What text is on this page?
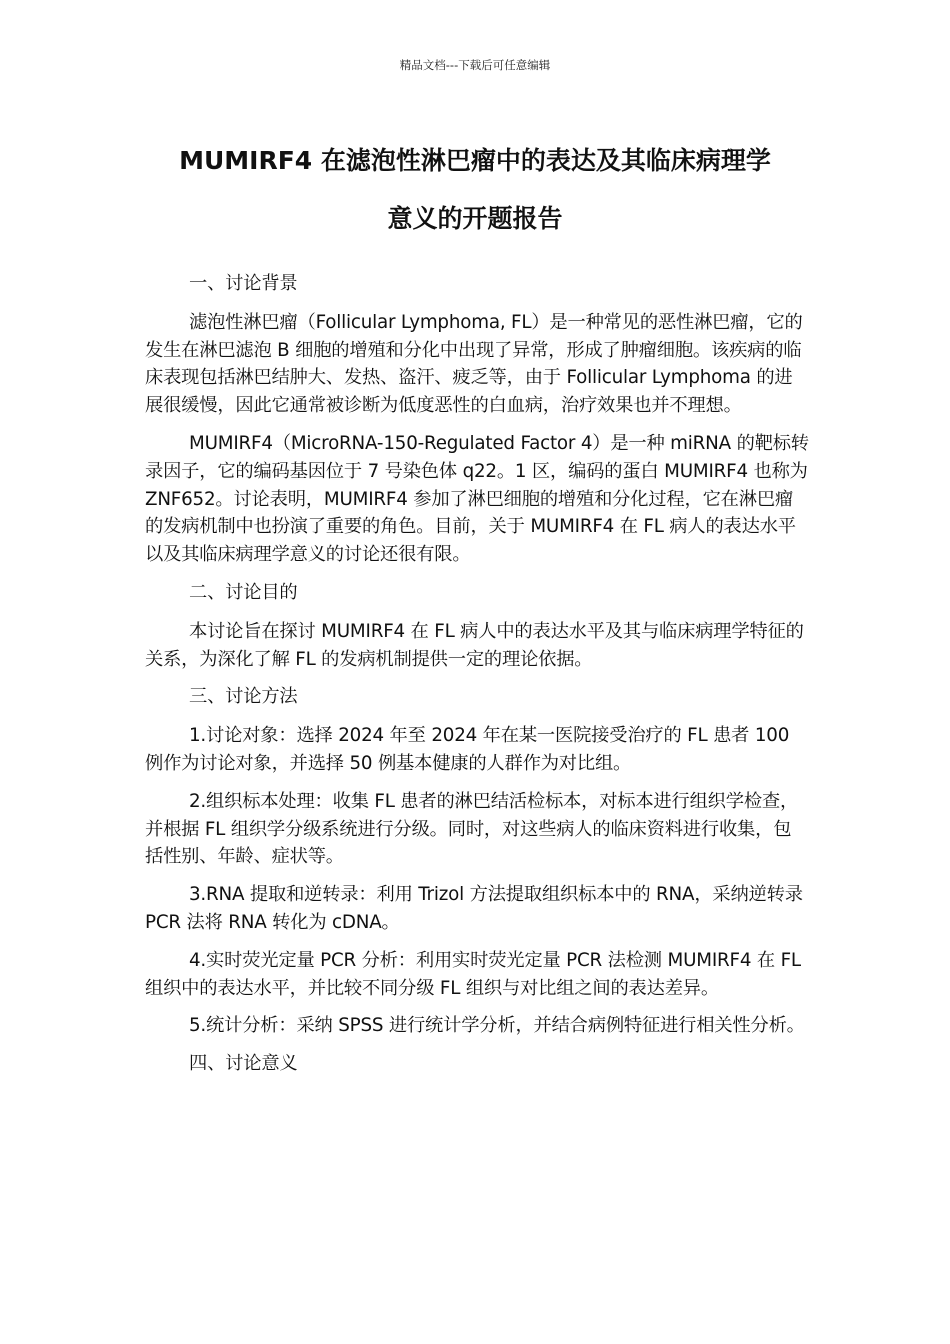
精品文档---下载后可任意编辑
MUMIRF4 在滤泡性淋巴瘤中的表达及其临床病理学
意义的开题报告

一、讨论背景

滤泡性淋巴瘤（Follicular Lymphoma, FL）是一种常见的恶性淋巴瘤，它的发生在淋巴滤泡 B 细胞的增殖和分化中出现了异常，形成了肿瘤细胞。该疾病的临床表现包括淋巴结肿大、发热、盗汗、疲乏等，由于 Follicular Lymphoma 的进展很缓慢，因此它通常被诊断为低度恶性的白血病，治疗效果也并不理想。

MUMIRF4（MicroRNA-150-Regulated Factor 4）是一种 miRNA 的靶标转录因子，它的编码基因位于 7 号染色体 q22。1 区，编码的蛋白 MUMIRF4 也称为 ZNF652。讨论表明，MUMIRF4 参加了淋巴细胞的增殖和分化过程，它在淋巴瘤的发病机制中也扮演了重要的角色。目前，关于 MUMIRF4 在 FL 病人的表达水平以及其临床病理学意义的讨论还很有限。

二、讨论目的

本讨论旨在探讨 MUMIRF4 在 FL 病人中的表达水平及其与临床病理学特征的关系，为深化了解 FL 的发病机制提供一定的理论依据。

三、讨论方法

1.讨论对象：选择 2024 年至 2024 年在某一医院接受治疗的 FL 患者 100 例作为讨论对象，并选择 50 例基本健康的人群作为对比组。

2.组织标本处理：收集 FL 患者的淋巴结活检标本，对标本进行组织学检查，并根据 FL 组织学分级系统进行分级。同时，对这些病人的临床资料进行收集，包括性别、年龄、症状等。

3.RNA 提取和逆转录：利用 Trizol 方法提取组织标本中的 RNA，采纳逆转录 PCR 法将 RNA 转化为 cDNA。

4.实时荧光定量 PCR 分析：利用实时荧光定量 PCR 法检测 MUMIRF4 在 FL 组织中的表达水平，并比较不同分级 FL 组织与对比组之间的表达差异。

5.统计分析：采纳 SPSS 进行统计学分析，并结合病例特征进行相关性分析。

四、讨论意义
